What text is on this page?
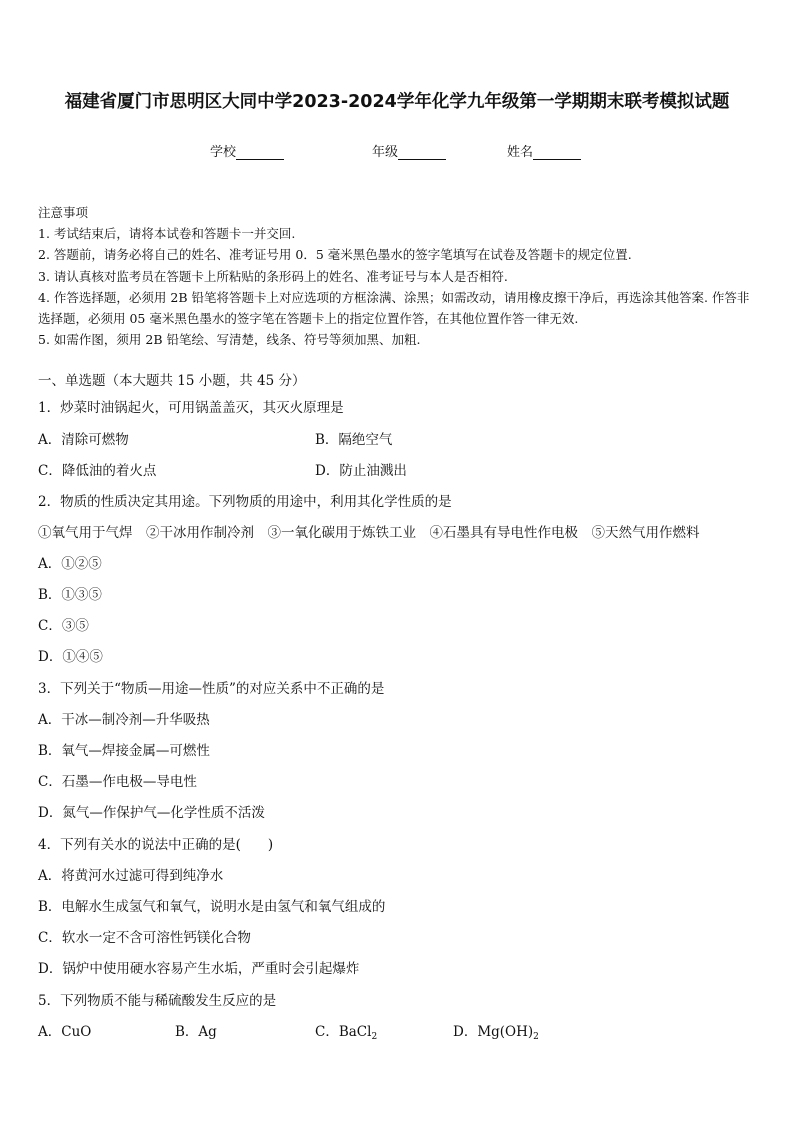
福建省厦门市思明区大同中学2023-2024学年化学九年级第一学期期末联考模拟试题
学校	年级	姓名
注意事项
1. 考试结束后，请将本试卷和答题卡一并交回.
2. 答题前，请务必将自己的姓名、准考证号用 0．5 毫米黑色墨水的签字笔填写在试卷及答题卡的规定位置.
3. 请认真核对监考员在答题卡上所粘贴的条形码上的姓名、准考证号与本人是否相符.
4. 作答选择题，必须用 2B 铅笔将答题卡上对应选项的方框涂满、涂黑；如需改动，请用橡皮擦干净后，再选涂其他答案. 作答非选择题，必须用 05 毫米黑色墨水的签字笔在答题卡上的指定位置作答，在其他位置作答一律无效.
5. 如需作图，须用 2B 铅笔绘、写清楚，线条、符号等须加黑、加粗.
一、单选题（本大题共 15 小题，共 45 分）
1．炒菜时油锅起火，可用锅盖盖灭，其灭火原理是
A．清除可燃物	B．隔绝空气
C．降低油的着火点	D．防止油溅出
2．物质的性质决定其用途。下列物质的用途中，利用其化学性质的是
①氧气用于气焊　②干冰用作制冷剂　③一氧化碳用于炼铁工业　④石墨具有导电性作电极　⑤天然气用作燃料
A．①②⑤
B．①③⑤
C．③⑤
D．①④⑤
3．下列关于“物质—用途—性质”的对应关系中不正确的是
A．干冰—制冷剂—升华吸热
B．氧气—焊接金属—可燃性
C．石墨—作电极—导电性
D．氮气—作保护气—化学性质不活泼
4．下列有关水的说法中正确的是(　　)
A．将黄河水过滤可得到纯净水
B．电解水生成氢气和氧气，说明水是由氢气和氧气组成的
C．软水一定不含可溶性钙镁化合物
D．锅炉中使用硬水容易产生水垢，严重时会引起爆炸
5．下列物质不能与稀硫酸发生反应的是
A．CuO	B．Ag	C．BaCl$_2$	D．$Mg(OH)_2$
